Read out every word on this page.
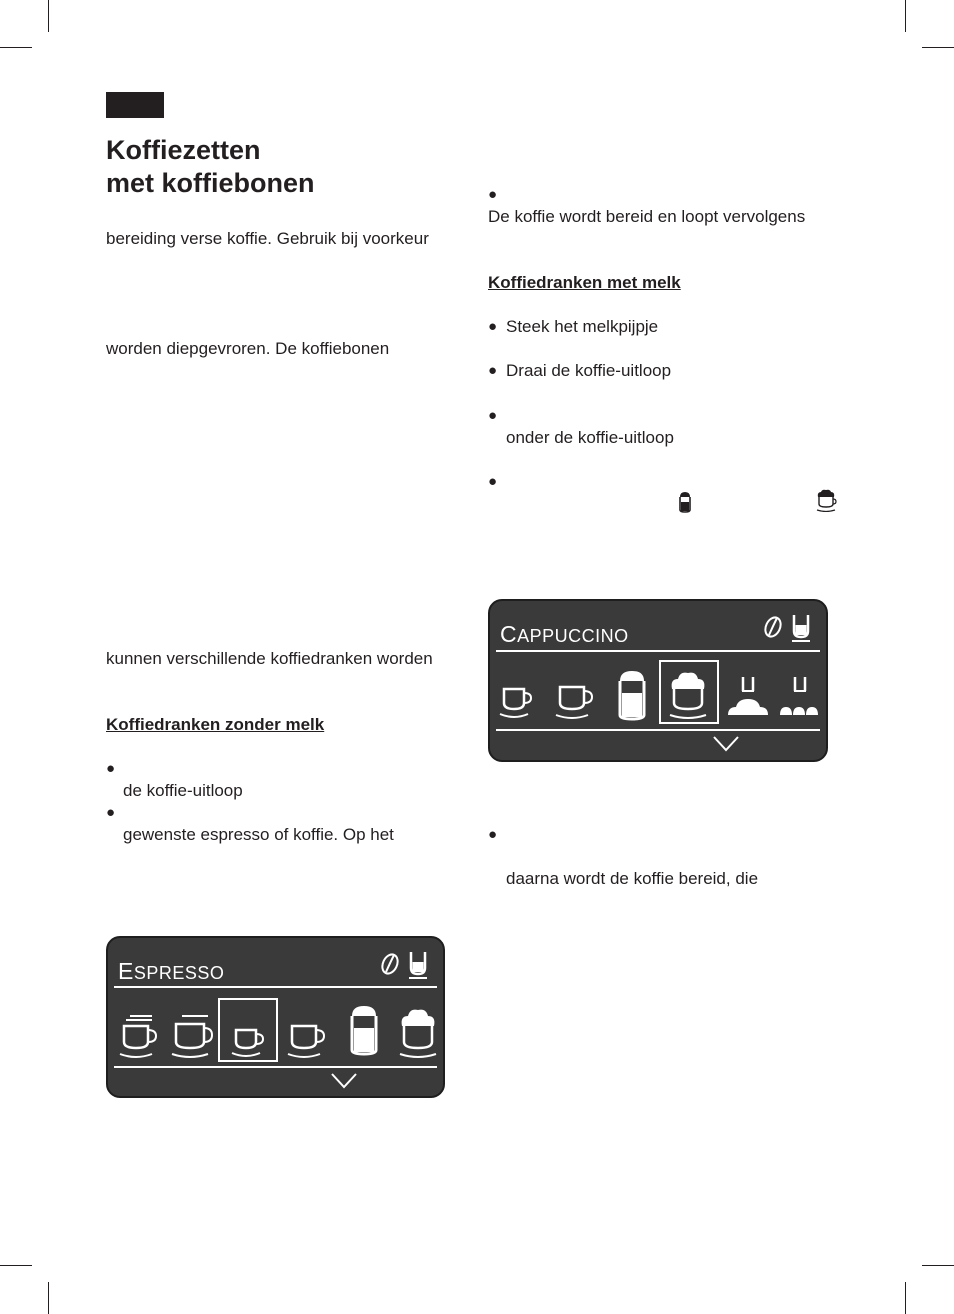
Koffiezetten
met koffiebonen
bereiding verse koffie. Gebruik bij voorkeur
worden diepgevroren. De koffiebonen
kunnen verschillende koffiedranken worden
Koffiedranken zonder melk
●
de koffie-uitloop
●
gewenste espresso of koffie. Op het
ESPRESSO
●
De koffie wordt bereid en loopt vervolgens
Koffiedranken met melk
● Steek het melkpijpje
● Draai de koffie-uitloop
●
onder de koffie-uitloop
●
CAPPUCCINO
●
daarna wordt de koffie bereid, die
